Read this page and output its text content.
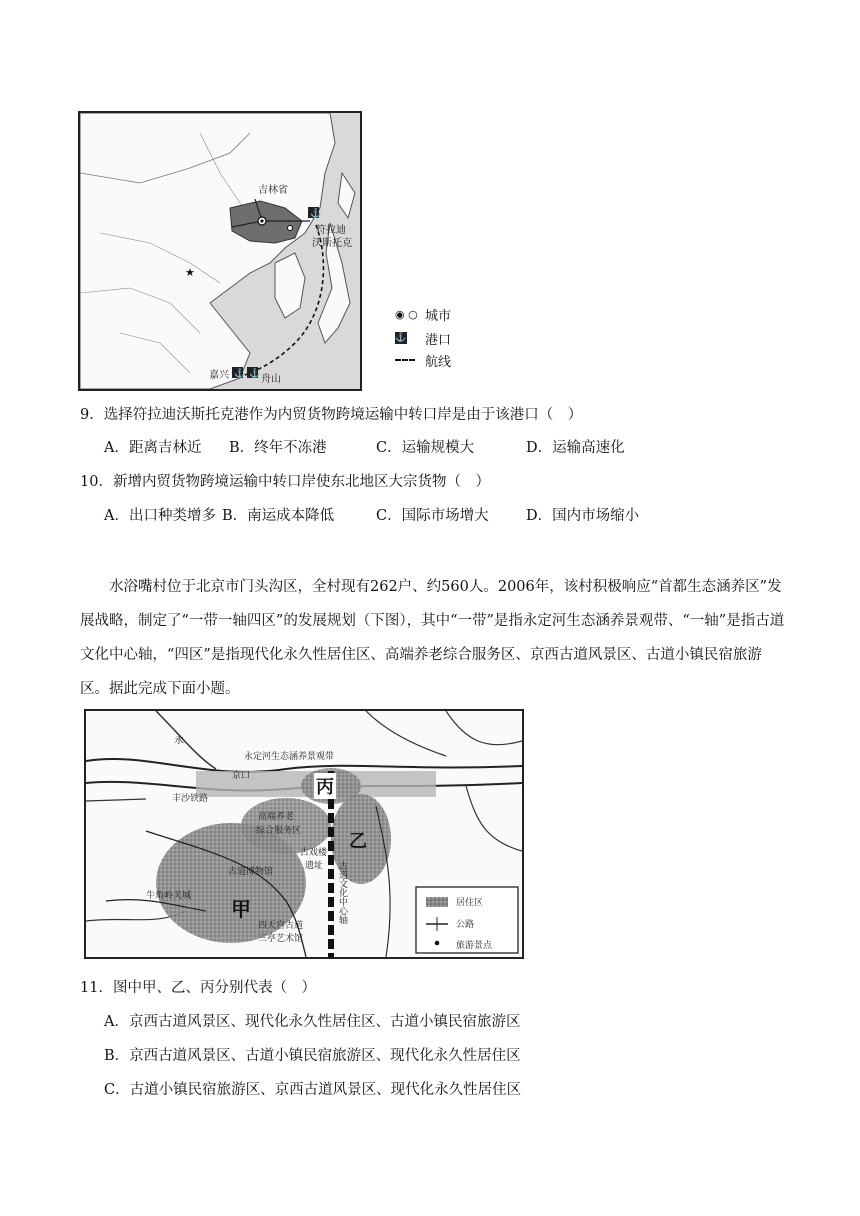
★
⚓
⚓ ⚓
吉林省
符拉迪
沃斯托克
嘉兴	舟山
◉ ○ 城市
⚓ 港口
航线
9．选择符拉迪沃斯托克港作为内贸货物跨境运输中转口岸是由于该港口（　）
A．距离吉林近 B．终年不冻港	C．运输规模大	D．运输高速化
10．新增内贸货物跨境运输中转口岸使东北地区大宗货物（　）
A．出口种类增多 B．南运成本降低	C．国际市场增大	D．国内市场缩小
水浴嘴村位于北京市门头沟区，全村现有262户、约560人。2006年，该村积极响应“首都生态涵养区”发展战略，制定了“一带一轴四区”的发展规划（下图），其中“一带”是指永定河生态涵养景观带、“一轴”是指古道文化中心轴，“四区”是指现代化永久性居住区、高端养老综合服务区、京西古道风景区、古道小镇民宿旅游区。据此完成下面小题。
永
永定河生态涵养景观带
京口
丙
乙
甲
丰沙铁路
高端养老
综合服务区
古戏楼
遗址
古道博物馆	古道文化中心轴
牛角岭关城
四天宫古道
三亭艺术馆
居住区
公路
旅游景点
11．图中甲、乙、丙分别代表（　）
A．京西古道风景区、现代化永久性居住区、古道小镇民宿旅游区
B．京西古道风景区、古道小镇民宿旅游区、现代化永久性居住区
C．古道小镇民宿旅游区、京西古道风景区、现代化永久性居住区
